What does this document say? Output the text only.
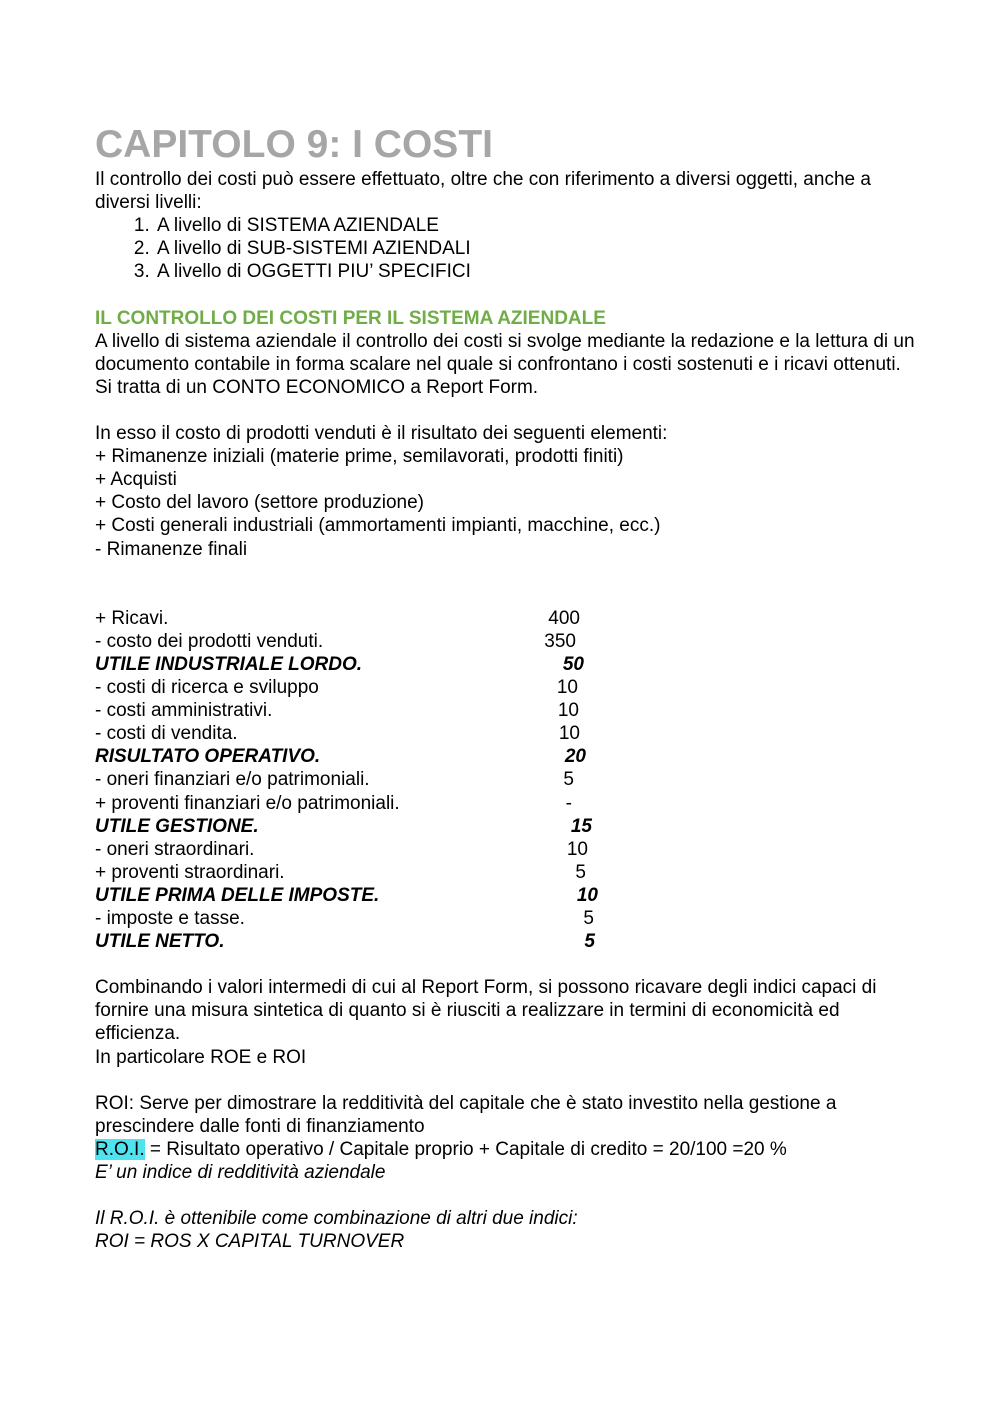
CAPITOLO 9: I COSTI

Il controllo dei costi può essere effettuato, oltre che con riferimento a diversi oggetti, anche a diversi livelli:

1. A livello di SISTEMA AZIENDALE
2. A livello di SUB-SISTEMI AZIENDALI
3. A livello di OGGETTI PIU’ SPECIFICI

IL CONTROLLO DEI COSTI PER IL SISTEMA AZIENDALE

A livello di sistema aziendale il controllo dei costi si svolge mediante la redazione e la lettura di un documento contabile in forma scalare nel quale si confrontano i costi sostenuti e i ricavi ottenuti.

Si tratta di un CONTO ECONOMICO a Report Form.

In esso il costo di prodotti venduti è il risultato dei seguenti elementi:

+ Rimanenze iniziali (materie prime, semilavorati, prodotti finiti)

+ Acquisti

+ Costo del lavoro (settore produzione)

+ Costi generali industriali (ammortamenti impianti, macchine, ecc.)

- Rimanenze finali

+ Ricavi.	400
- costo dei prodotti venduti.	350
UTILE INDUSTRIALE LORDO.	50
- costi di ricerca e sviluppo	10
- costi amministrativi.	10
- costi di vendita.	10
RISULTATO OPERATIVO.	20
- oneri finanziari e/o patrimoniali.	5
+ proventi finanziari e/o patrimoniali.	-
UTILE GESTIONE.	15
- oneri straordinari.	10
+ proventi straordinari.	5
UTILE PRIMA DELLE IMPOSTE.	10
- imposte e tasse.	5
UTILE NETTO.	5

Combinando i valori intermedi di cui al Report Form, si possono ricavare degli indici capaci di fornire una misura sintetica di quanto si è riusciti a realizzare in termini di economicità ed efficienza.

In particolare ROE e ROI

ROI: Serve per dimostrare la redditività del capitale che è stato investito nella gestione a prescindere dalle fonti di finanziamento

R.O.I. = Risultato operativo / Capitale proprio + Capitale di credito = 20/100 =20 %

E’ un indice di redditività aziendale

Il R.O.I. è ottenibile come combinazione di altri due indici:

ROI = ROS X CAPITAL TURNOVER
